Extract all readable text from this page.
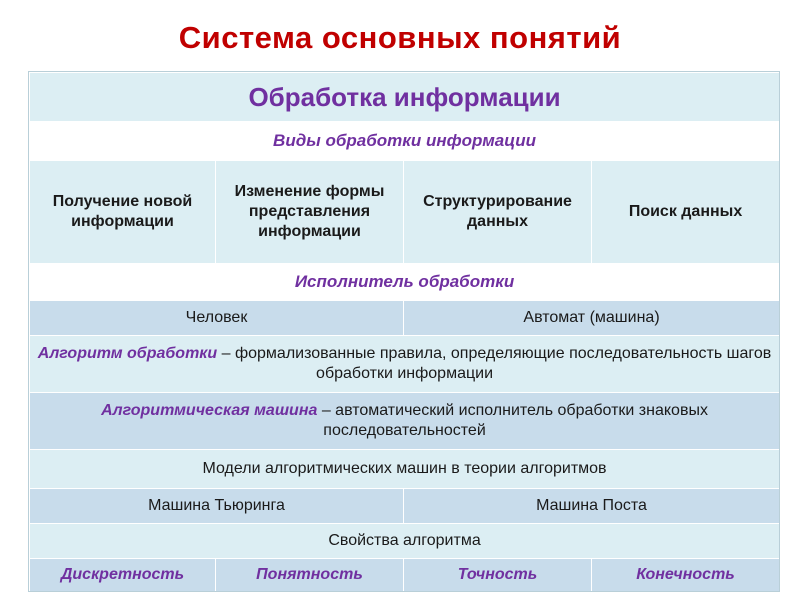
Система основных понятий
Обработка информации			
Виды обработки информации			
Получение новой информации	Изменение формы представления информации	Структурирование данных	Поиск данных
Исполнитель обработки			
Человек		Автомат (машина)	
Алгоритм обработки – формализованные правила, определяющие последовательность шагов обработки информации			
Алгоритмическая машина – автоматический исполнитель обработки знаковых последовательностей			
Модели алгоритмических машин в теории алгоритмов			
Машина Тьюринга		Машина Поста	
Свойства алгоритма			
Дискретность	Понятность	Точность	Конечность
